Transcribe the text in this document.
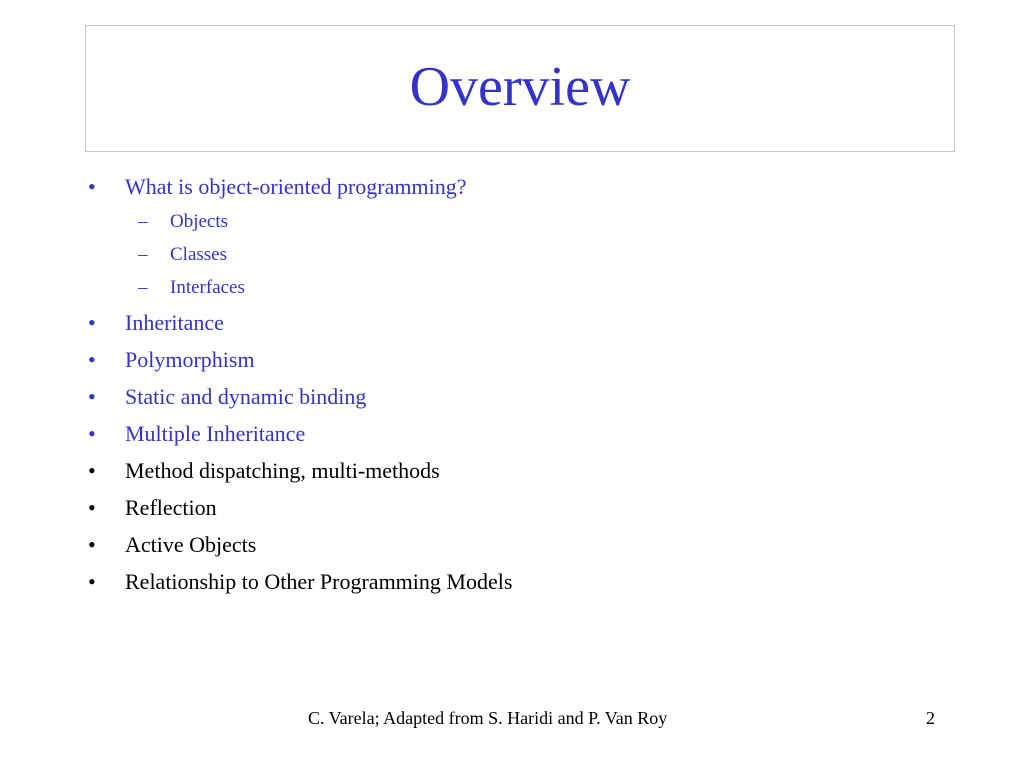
Overview
•	What is object-oriented programming?
– Objects
– Classes
– Interfaces
•	Inheritance
•	Polymorphism
•	Static and dynamic binding
•	Multiple Inheritance
•	Method dispatching, multi-methods
•	Reflection
•	Active Objects
•	Relationship to Other Programming Models
C. Varela; Adapted from S. Haridi and P. Van Roy	2
